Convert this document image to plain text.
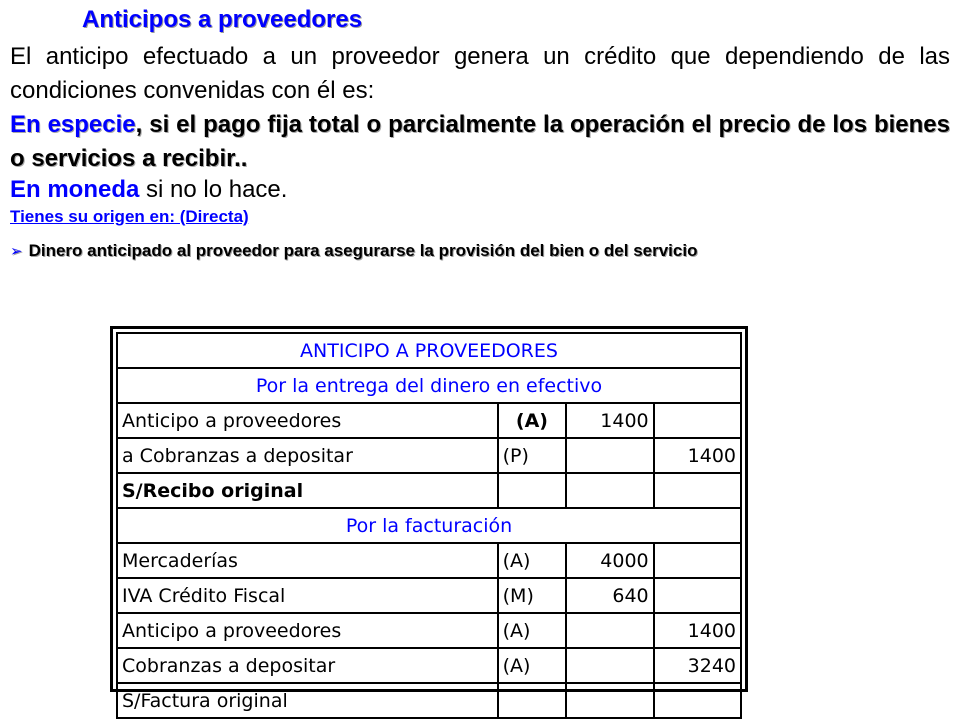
Anticipos a proveedores

El anticipo efectuado a un proveedor genera un crédito que dependiendo de las condiciones convenidas con él es:

En especie, si el pago fija total o parcialmente la operación el precio de los bienes o servicios a recibir..

En moneda si no lo hace.

Tienes su origen en: (Directa)

➢ Dinero anticipado al proveedor para asegurarse la provisión del bien o del servicio

ANTICIPO A PROVEEDORES			
Por la entrega del dinero en efectivo			
Anticipo a proveedores	(A)	1400	
a Cobranzas a depositar	(P)		1400
S/Recibo original			
Por la facturación			
Mercaderías	(A)	4000	
IVA Crédito Fiscal	(M)	640	
Anticipo a proveedores	(A)		1400
Cobranzas a depositar	(A)		3240
S/Factura original			
